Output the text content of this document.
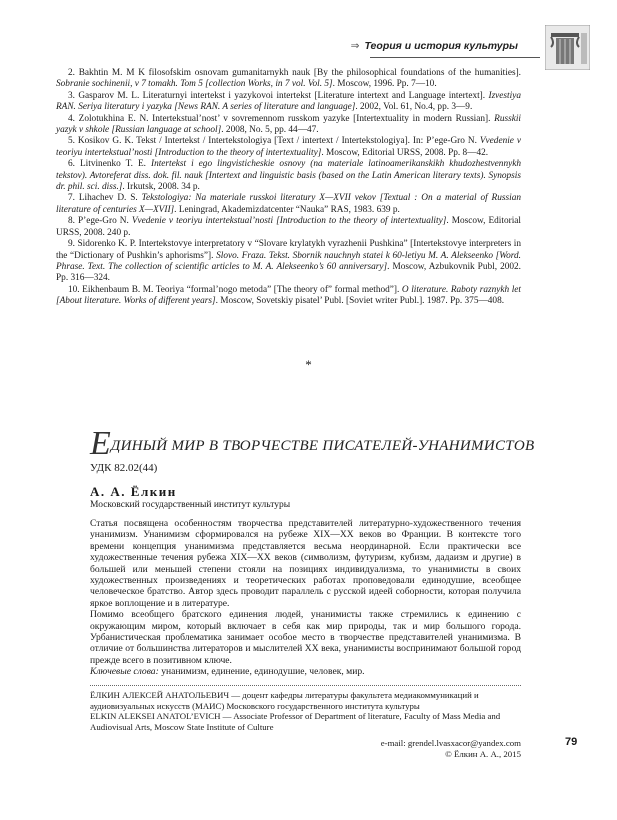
⇒ Теория и история культуры

2. Bakhtin M. M K filosofskim osnovam gumanitarnykh nauk [By the philosophical foundations of the humanities]. Sobranie sochinenii, v 7 tomakh. Tom 5 [collection Works, in 7 vol. Vol. 5]. Moscow, 1996. Pp. 7—10.

3. Gasparov M. L. Literaturnyi intertekst i yazykovoi intertekst [Literature intertext and Language intertext]. Izvestiya RAN. Seriya literatury i yazyka [News RAN. A series of literature and language]. 2002, Vol. 61, No.4, pp. 3—9.

4. Zolotukhina E. N. Intertekstual’nost’ v sovremennom russkom yazyke [Intertextuality in modern Russian]. Russkii yazyk v shkole [Russian language at school]. 2008, No. 5, pp. 44—47.

5. Kosikov G. K. Tekst / Intertekst / Intertekstologiya [Text / intertext / Intertekstologiya]. In: P’ege-Gro N. Vvedenie v teoriyu intertekstual’nosti [Introduction to the theory of intertextuality]. Moscow, Editorial URSS, 2008. Pp. 8—42.

6. Litvinenko T. E. Intertekst i ego lingvisticheskie osnovy (na materiale latinoamerikanskikh khudozhestvennykh tekstov). Avtoreferat diss. dok. fil. nauk [Intertext and linguistic basis (based on the Latin American literary texts). Synopsis dr. phil. sci. diss.]. Irkutsk, 2008. 34 p.

7. Lihachev D. S. Tekstologiya: Na materiale russkoi literatury X—XVII vekov [Textual : On a material of Russian literature of centuries X—XVII]. Leningrad, Akademizdatcenter “Nauka” RAS, 1983. 639 p.

8. P’ege-Gro N. Vvedenie v teoriyu intertekstual’nosti [Introduction to the theory of intertextuality]. Moscow, Editorial URSS, 2008. 240 p.

9. Sidorenko K. P. Intertekstovye interpretatory v “Slovare krylatykh vyrazhenii Pushkina” [Intertekstovye interpreters in the “Dictionary of Pushkin’s aphorisms”]. Slovo. Fraza. Tekst. Sbornik nauchnyh statei k 60-letiyu M. A. Alekseenko [Word. Phrase. Text. The collection of scientific articles to M. A. Alekseenko’s 60 anniversary]. Moscow, Azbukovnik Publ, 2002. Pp. 316—324.

10. Eikhenbaum B. M. Teoriya “formal’nogo metoda” [The theory of” formal method”]. O literature. Raboty raznykh let [About literature. Works of different years]. Moscow, Sovetskiy pisatel’ Publ. [Soviet writer Publ.]. 1987. Pp. 375—408.

*
ЕДИНЫЙ МИР В ТВОРЧЕСТВЕ ПИСАТЕЛЕЙ-УНАНИМИСТОВ
УДК 82.02(44)
А. А. Ёлкин
Московский государственный институт культуры

Статья посвящена особенностям творчества представителей литературно-художественного течения унанимизм. Унанимизм сформировался на рубеже XIX—XX веков во Франции. В контексте того времени концепция унанимизма представляется весьма неординарной. Если практически все художественные течения рубежа XIX—XX веков (символизм, футуризм, кубизм, дадаизм и другие) в большей или меньшей степени стояли на позициях индивидуализма, то унанимисты в своих художественных произведениях и теоретических работах проповедовали единодушие, всеобщее человеческое братство. Автор здесь проводит параллель с русской идеей соборности, которая получила яркое воплощение и в литературе.

Помимо всеобщего братского единения людей, унанимисты также стремились к единению с окружающим миром, который включает в себя как мир природы, так и мир большого города. Урбанистическая проблематика занимает особое место в творчестве представителей унанимизма. В отличие от большинства литераторов и мыслителей XX века, унанимисты воспринимают большой город прежде всего в позитивном ключе.

Ключевые слова: унанимизм, единение, единодушие, человек, мир.

ЁЛКИН АЛЕКСЕЙ АНАТОЛЬЕВИЧ — доцент кафедры литературы факультета медиакоммуникаций и аудиовизуальных искусств (МАИС) Московского государственного института культуры

ELKIN ALEKSEI ANATOL’EVICH — Associate Professor of Department of literature, Faculty of Mass Media and Audiovisual Arts, Moscow State Institute of Culture

e-mail: grendel.lvasxacor@yandex.com
© Ёлкин А. А., 2015
79
